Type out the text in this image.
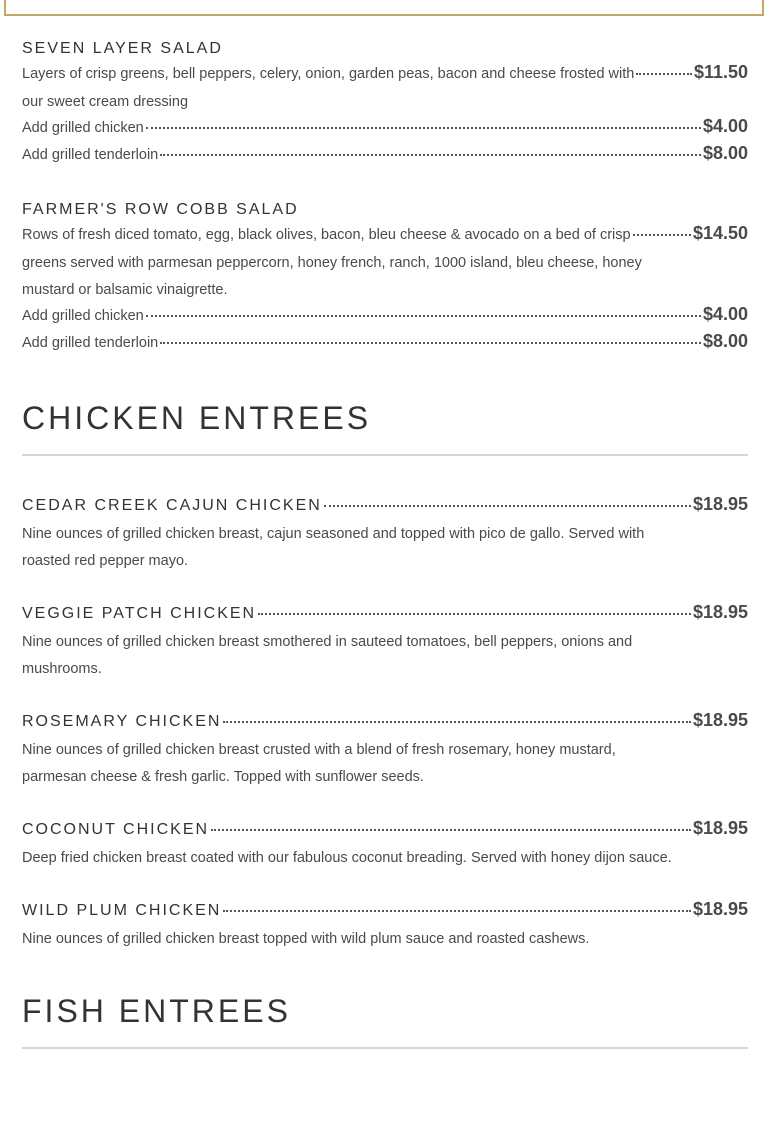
SEVEN LAYER SALAD
Layers of crisp greens, bell peppers, celery, onion, garden peas, bacon and cheese frosted with	$11.50
our sweet cream dressing
Add grilled chicken	$4.00
Add grilled tenderloin	$8.00
FARMER'S ROW COBB SALAD
Rows of fresh diced tomato, egg, black olives, bacon, bleu cheese & avocado on a bed of crisp	$14.50
greens served with parmesan peppercorn, honey french, ranch, 1000 island, bleu cheese, honey mustard or balsamic vinaigrette.
Add grilled chicken	$4.00
Add grilled tenderloin	$8.00
CHICKEN ENTREES
CEDAR CREEK CAJUN CHICKEN	$18.95
Nine ounces of grilled chicken breast, cajun seasoned and topped with pico de gallo. Served with roasted red pepper mayo.
VEGGIE PATCH CHICKEN	$18.95
Nine ounces of grilled chicken breast smothered in sauteed tomatoes, bell peppers, onions and mushrooms.
ROSEMARY CHICKEN	$18.95
Nine ounces of grilled chicken breast crusted with a blend of fresh rosemary, honey mustard, parmesan cheese & fresh garlic. Topped with sunflower seeds.
COCONUT CHICKEN	$18.95
Deep fried chicken breast coated with our fabulous coconut breading. Served with honey dijon sauce.
WILD PLUM CHICKEN	$18.95
Nine ounces of grilled chicken breast topped with wild plum sauce and roasted cashews.
FISH ENTREES
